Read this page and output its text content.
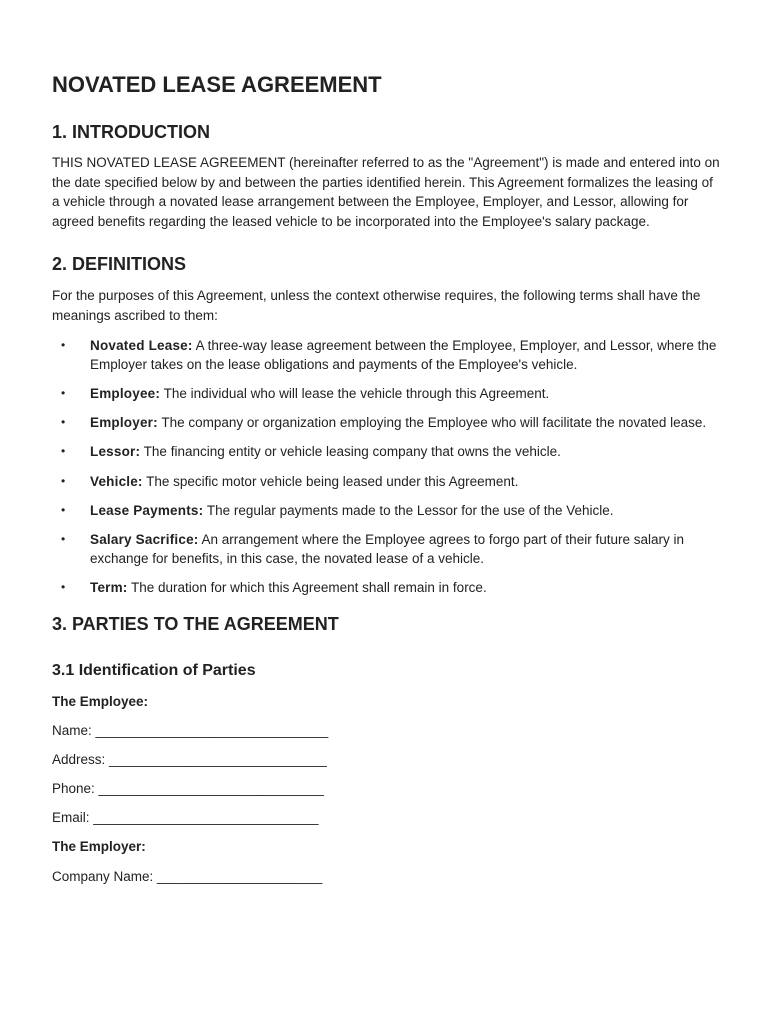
NOVATED LEASE AGREEMENT
1. INTRODUCTION

THIS NOVATED LEASE AGREEMENT (hereinafter referred to as the "Agreement") is made and entered into on the date specified below by and between the parties identified herein. This Agreement formalizes the leasing of a vehicle through a novated lease arrangement between the Employee, Employer, and Lessor, allowing for agreed benefits regarding the leased vehicle to be incorporated into the Employee's salary package.

2. DEFINITIONS

For the purposes of this Agreement, unless the context otherwise requires, the following terms shall have the meanings ascribed to them:

• Novated Lease: A three-way lease agreement between the Employee, Employer, and Lessor, where the Employer takes on the lease obligations and payments of the Employee's vehicle.
• Employee: The individual who will lease the vehicle through this Agreement.
• Employer: The company or organization employing the Employee who will facilitate the novated lease.
• Lessor: The financing entity or vehicle leasing company that owns the vehicle.
• Vehicle: The specific motor vehicle being leased under this Agreement.
• Lease Payments: The regular payments made to the Lessor for the use of the Vehicle.
• Salary Sacrifice: An arrangement where the Employee agrees to forgo part of their future salary in exchange for benefits, in this case, the novated lease of a vehicle.
• Term: The duration for which this Agreement shall remain in force.
3. PARTIES TO THE AGREEMENT
3.1 Identification of Parties

The Employee:

Name: _______________________________

Address: _____________________________

Phone: ______________________________

Email: ______________________________

The Employer:

Company Name: ______________________
